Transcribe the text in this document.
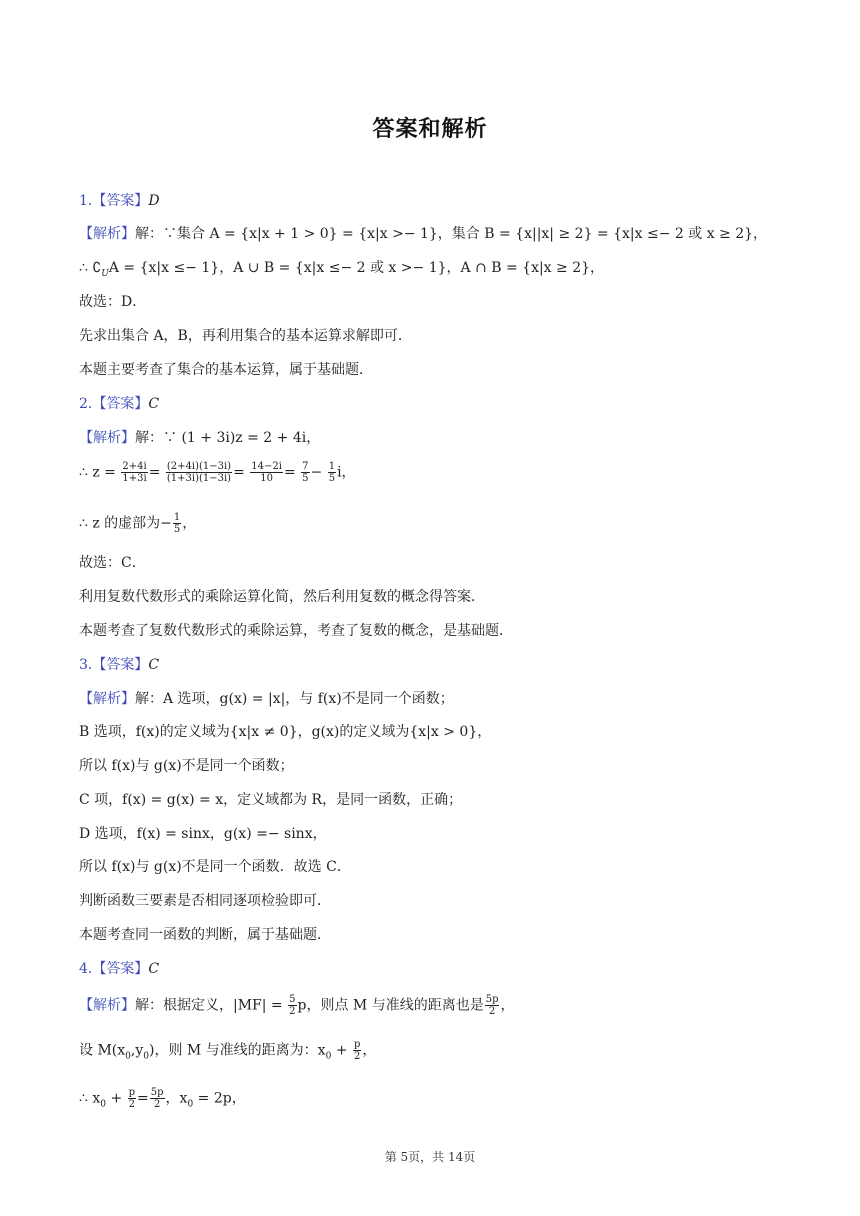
答案和解析
1.【答案】D
【解析】解：∵集合 A = {x|x + 1 > 0} = {x|x >− 1}，集合 B = {x||x| ≥ 2} = {x|x ≤− 2 或 x ≥ 2}，
∴ $∁_UA = \{x|x \le- 1\}$，A ∪ B = {x|x ≤− 2 或 x >− 1}，A ∩ B = {x|x ≥ 2}，
故选：D．
先求出集合 A，B，再利用集合的基本运算求解即可．
本题主要考查了集合的基本运算，属于基础题．
2.【答案】C
【解析】解：∵ (1 + 3i)z = 2 + 4i，
∴ $z = \frac{2+4i}{1+3i} = \frac{(2+4i)(1-3i)}{(1+3i)(1-3i)} = \frac{14-2i}{10} = \frac{7}{5} - \frac{1}{5}$ i，
∴ z 的虚部为− $\frac{1}{5}$ ，
故选：C．
利用复数代数形式的乘除运算化简，然后利用复数的概念得答案．
本题考查了复数代数形式的乘除运算，考查了复数的概念，是基础题．
3.【答案】C
【解析】解：A 选项，g(x) = |x|，与 f(x)不是同一个函数；
B 选项，f(x)的定义域为{x|x ≠ 0}，g(x)的定义域为{x|x > 0}，
所以 f(x)与 g(x)不是同一个函数；
C 项，f(x) = g(x) = x，定义域都为 R，是同一函数，正确；
D 选项，f(x) = sinx，g(x) =− sinx，
所以 f(x)与 g(x)不是同一个函数．故选 C．
判断函数三要素是否相同逐项检验即可．
本题考查同一函数的判断，属于基础题．
4.【答案】C
【解析】解：根据定义，$|MF| = \frac{5}{2}$ p，则点 M 与准线的距离也是 $\frac{5p}{2}$ ，
设 $M(x_0,y_0)$，则 M 与准线的距离为：$x_0 + \frac{p}{2}$ ，
∴ $x_0 + \frac{p}{2} = \frac{5p}{2}$ ，$x_0 = 2p$，
第 5页，共 14页
